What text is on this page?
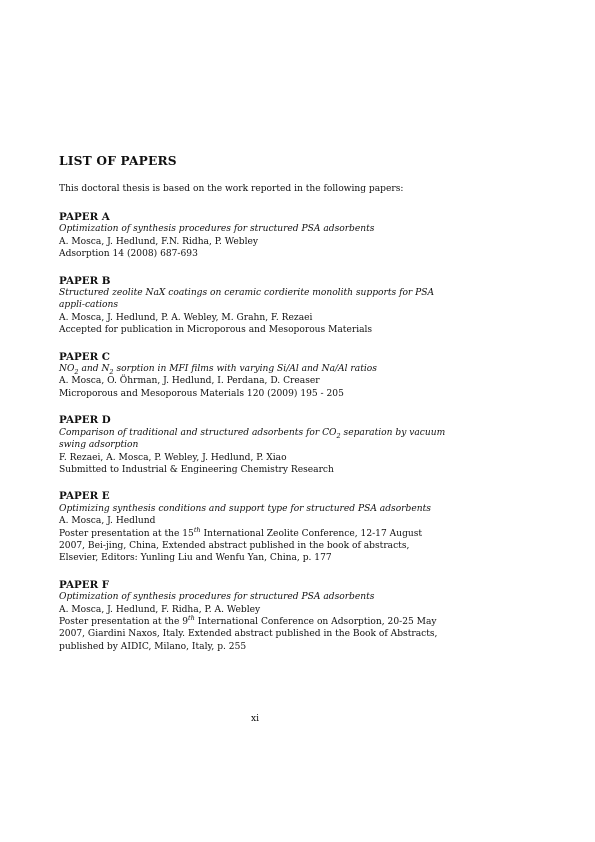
LIST OF PAPERS

This doctoral thesis is based on the work reported in the following papers:

PAPER A
Optimization of synthesis procedures for structured PSA adsorbents
A. Mosca, J. Hedlund, F.N. Ridha, P. Webley
Adsorption 14 (2008) 687-693
PAPER B
Structured zeolite NaX coatings on ceramic cordierite monolith supports for PSA appli-cations
A. Mosca, J. Hedlund, P. A. Webley, M. Grahn, F. Rezaei
Accepted for publication in Microporous and Mesoporous Materials
PAPER C
$NO_2$ and $N_2$ sorption in MFI films with varying Si/Al and Na/Al ratios
A. Mosca, O. Öhrman, J. Hedlund, I. Perdana, D. Creaser
Microporous and Mesoporous Materials 120 (2009) 195 - 205
PAPER D
Comparison of traditional and structured adsorbents for $CO_2$ separation by vacuum swing adsorption
F. Rezaei, A. Mosca, P. Webley, J. Hedlund, P. Xiao
Submitted to Industrial & Engineering Chemistry Research
PAPER E
Optimizing synthesis conditions and support type for structured PSA adsorbents
A. Mosca, J. Hedlund
Poster presentation at the 15th International Zeolite Conference, 12-17 August 2007, Bei-jing, China, Extended abstract published in the book of abstracts, Elsevier, Editors: Yunling Liu and Wenfu Yan, China, p. 177
PAPER F
Optimization of synthesis procedures for structured PSA adsorbents
A. Mosca, J. Hedlund, F. Ridha, P. A. Webley
Poster presentation at the 9th International Conference on Adsorption, 20-25 May 2007, Giardini Naxos, Italy. Extended abstract published in the Book of Abstracts, published by AIDIC, Milano, Italy, p. 255
xi
